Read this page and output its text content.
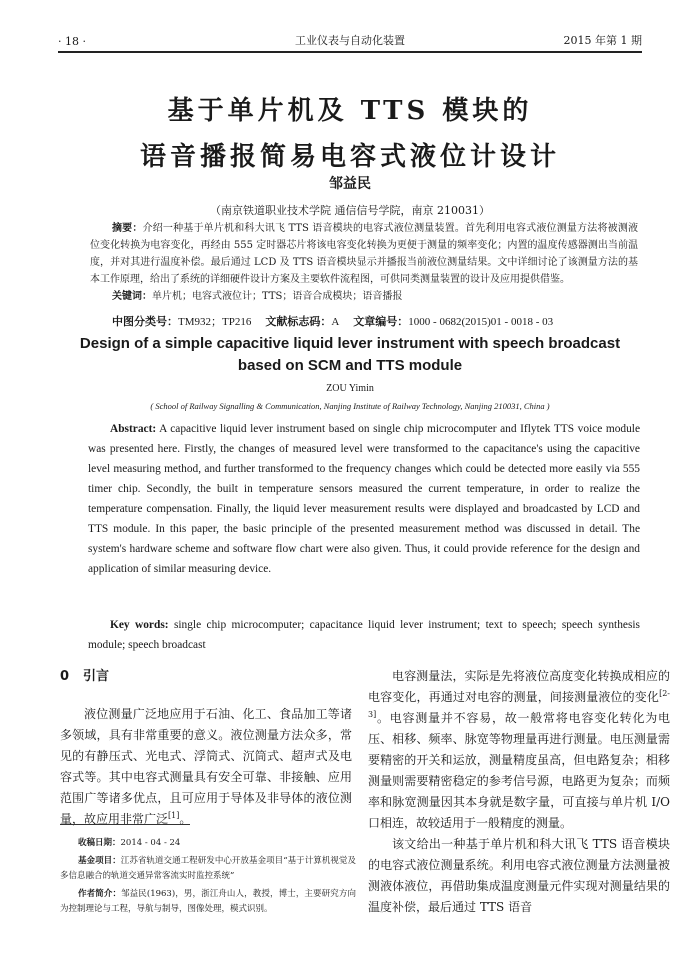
· 18 ·	工业仪表与自动化装置	2015 年第 1 期
基于单片机及 TTS 模块的
语音播报简易电容式液位计设计
邹益民
（南京铁道职业技术学院 通信信号学院，南京 210031）

摘要：介绍一种基于单片机和科大讯飞 TTS 语音模块的电容式液位测量装置。首先利用电容式液位测量方法将被测液位变化转换为电容变化，再经由 555 定时器芯片将该电容变化转换为更便于测量的频率变化；内置的温度传感器测出当前温度，并对其进行温度补偿。最后通过 LCD 及 TTS 语音模块显示并播报当前液位测量结果。文中详细讨论了该测量方法的基本工作原理，给出了系统的详细硬件设计方案及主要软件流程图，可供同类测量装置的设计及应用提供借鉴。

关键词：单片机；电容式液位计；TTS；语音合成模块；语音播报

中图分类号：TM932；TP216 文献标志码：A 文章编号：1000 - 0682(2015)01 - 0018 - 03
Design of a simple capacitive liquid lever instrument with speech broadcast based on SCM and TTS module
ZOU Yimin
( School of Railway Signalling & Communication, Nanjing Institute of Railway Technology, Nanjing 210031, China )

Abstract: A capacitive liquid lever instrument based on single chip microcomputer and Iflytek TTS voice module was presented here. Firstly, the changes of measured level were transformed to the capacitance's using the capacitive level measuring method, and further transformed to the frequency changes which could be detected more easily via 555 timer chip. Secondly, the built in temperature sensors measured the current temperature, in order to realize the temperature compensation. Finally, the liquid lever measurement results were displayed and broadcasted by LCD and TTS module. In this paper, the basic principle of the presented measurement method was discussed in detail. The system's hardware scheme and software flow chart were also given. Thus, it could provide reference for the design and application of similar measuring device.

Key words: single chip microcomputer; capacitance liquid lever instrument; text to speech; speech synthesis module; speech broadcast

0 引言

液位测量广泛地应用于石油、化工、食品加工等诸多领域，具有非常重要的意义。液位测量方法众多，常见的有静压式、光电式、浮筒式、沉筒式、超声式及电容式等。其中电容式测量具有安全可靠、非接触、应用范围广等诸多优点，且可应用于导体及非导体的液位测量，故应用非常广泛[1]。

收稿日期：2014 - 04 - 24

基金项目：江苏省轨道交通工程研发中心开放基金项目“基于计算机视觉及多信息融合的轨道交通异常客流实时监控系统”

作者简介：邹益民(1963)，男，浙江舟山人，教授，博士，主要研究方向为控制理论与工程，导航与制导，图像处理，模式识别。

电容测量法，实际是先将液位高度变化转换成相应的电容变化，再通过对电容的测量，间接测量液位的变化[2-3]。电容测量并不容易，故一般常将电容变化转化为电压、相移、频率、脉宽等物理量再进行测量。电压测量需要精密的开关和运放，测量精度虽高，但电路复杂；相移测量则需要精密稳定的参考信号源，电路更为复杂；而频率和脉宽测量因其本身就是数字量，可直接与单片机 I/O 口相连，故较适用于一般精度的测量。

该文给出一种基于单片机和科大讯飞 TTS 语音模块的电容式液位测量系统。利用电容式液位测量方法测量被测液体液位，再借助集成温度测量元件实现对测量结果的温度补偿，最后通过 TTS 语音
